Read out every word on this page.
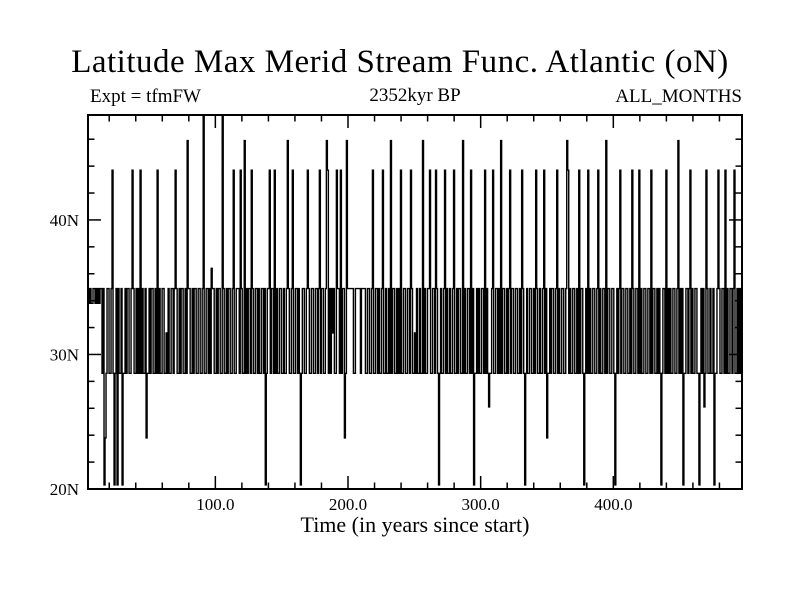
Latitude Max Merid Stream Func. Atlantic (oN)
Expt = tfmFW	2352kyr BP	ALL_MONTHS
100.0	200.0	300.0	400.0
20N
30N
40N
Time (in years since start)
